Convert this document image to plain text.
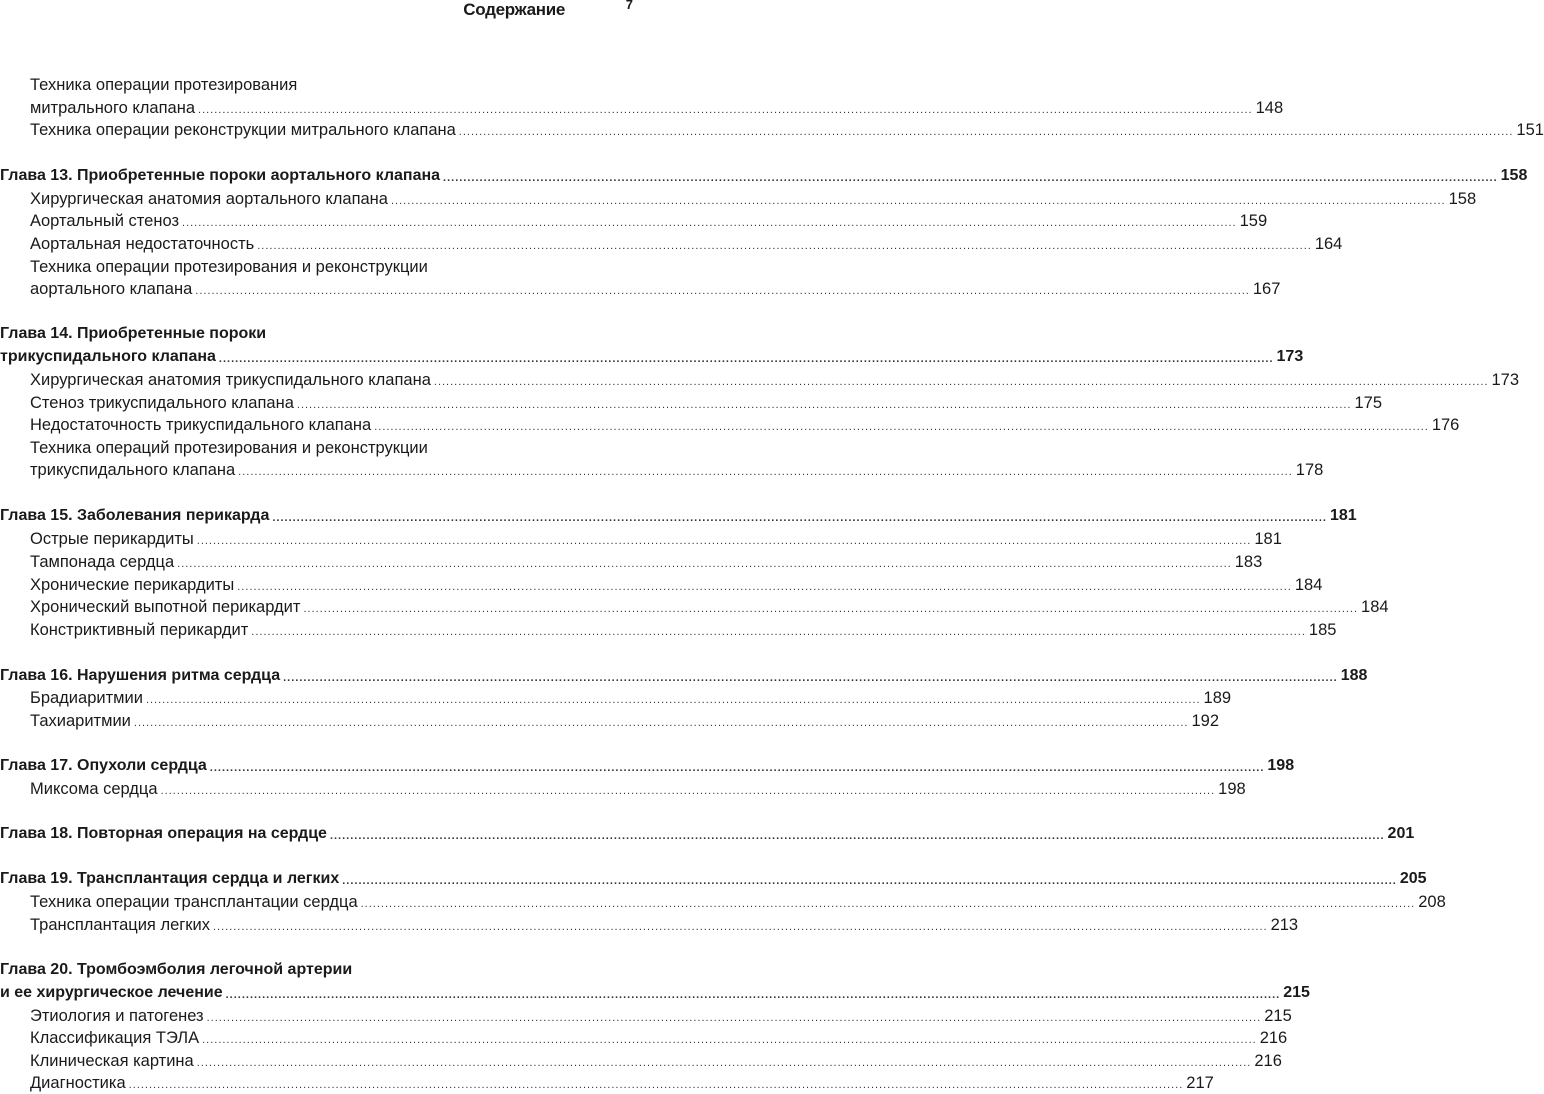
Содержание	7
Техника операции протезирования
митрального клапана .................................................................................................................................................................................................................................................................... 148
Техника операции реконструкции митрального клапана .................................................................................................................................................................................................................................................................... 151
Глава 13. Приобретенные пороки аортального клапана .................................................................................................................................................................................................................................................................... 158
Хирургическая анатомия аортального клапана .................................................................................................................................................................................................................................................................... 158
Аортальный стеноз .................................................................................................................................................................................................................................................................... 159
Аортальная недостаточность .................................................................................................................................................................................................................................................................... 164
Техника операции протезирования и реконструкции
аортального клапана .................................................................................................................................................................................................................................................................... 167
Глава 14. Приобретенные пороки
трикуспидального клапана .................................................................................................................................................................................................................................................................... 173
Хирургическая анатомия трикуспидального клапана .................................................................................................................................................................................................................................................................... 173
Стеноз трикуспидального клапана .................................................................................................................................................................................................................................................................... 175
Недостаточность трикуспидального клапана .................................................................................................................................................................................................................................................................... 176
Техника операций протезирования и реконструкции
трикуспидального клапана .................................................................................................................................................................................................................................................................... 178
Глава 15. Заболевания перикарда .................................................................................................................................................................................................................................................................... 181
Острые перикардиты .................................................................................................................................................................................................................................................................... 181
Тампонада сердца .................................................................................................................................................................................................................................................................... 183
Хронические перикардиты .................................................................................................................................................................................................................................................................... 184
Хронический выпотной перикардит .................................................................................................................................................................................................................................................................... 184
Констриктивный перикардит .................................................................................................................................................................................................................................................................... 185
Глава 16. Нарушения ритма сердца .................................................................................................................................................................................................................................................................... 188
Брадиаритмии .................................................................................................................................................................................................................................................................... 189
Тахиаритмии .................................................................................................................................................................................................................................................................... 192
Глава 17. Опухоли сердца .................................................................................................................................................................................................................................................................... 198
Миксома сердца .................................................................................................................................................................................................................................................................... 198
Глава 18. Повторная операция на сердце .................................................................................................................................................................................................................................................................... 201
Глава 19. Трансплантация сердца и легких .................................................................................................................................................................................................................................................................... 205
Техника операции трансплантации сердца .................................................................................................................................................................................................................................................................... 208
Трансплантация легких .................................................................................................................................................................................................................................................................... 213
Глава 20. Тромбоэмболия легочной артерии
и ее хирургическое лечение .................................................................................................................................................................................................................................................................... 215
Этиология и патогенез .................................................................................................................................................................................................................................................................... 215
Классификация ТЭЛА .................................................................................................................................................................................................................................................................... 216
Клиническая картина .................................................................................................................................................................................................................................................................... 216
Диагностика .................................................................................................................................................................................................................................................................... 217
